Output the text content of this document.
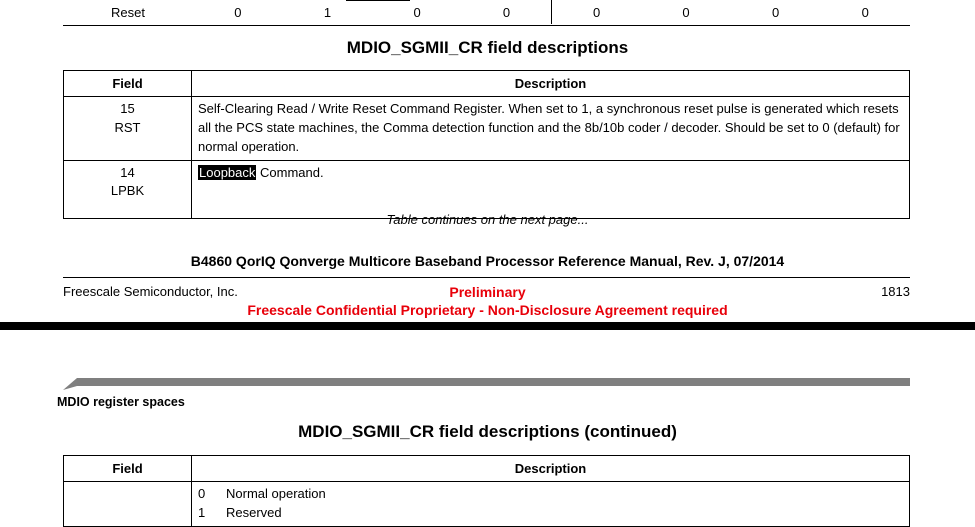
Reset	0	1	0	0	0	0	0	0
MDIO_SGMII_CR field descriptions
Field	Description

15
RST	Self-Clearing Read / Write Reset Command Register. When set to 1, a synchronous reset pulse is generated which resets all the PCS state machines, the Comma detection function and the 8b/10b coder / decoder. Should be set to 0 (default) for normal operation.

14
LPBK	Loopback Command.
Table continues on the next page...
B4860 QorIQ Qonverge Multicore Baseband Processor Reference Manual, Rev. J, 07/2014
Freescale Semiconductor, Inc.	Preliminary	1813
Freescale Confidential Proprietary - Non-Disclosure Agreement required
MDIO register spaces
MDIO_SGMII_CR field descriptions (continued)
Field	Description

	0 Normal operation
1 Reserved
